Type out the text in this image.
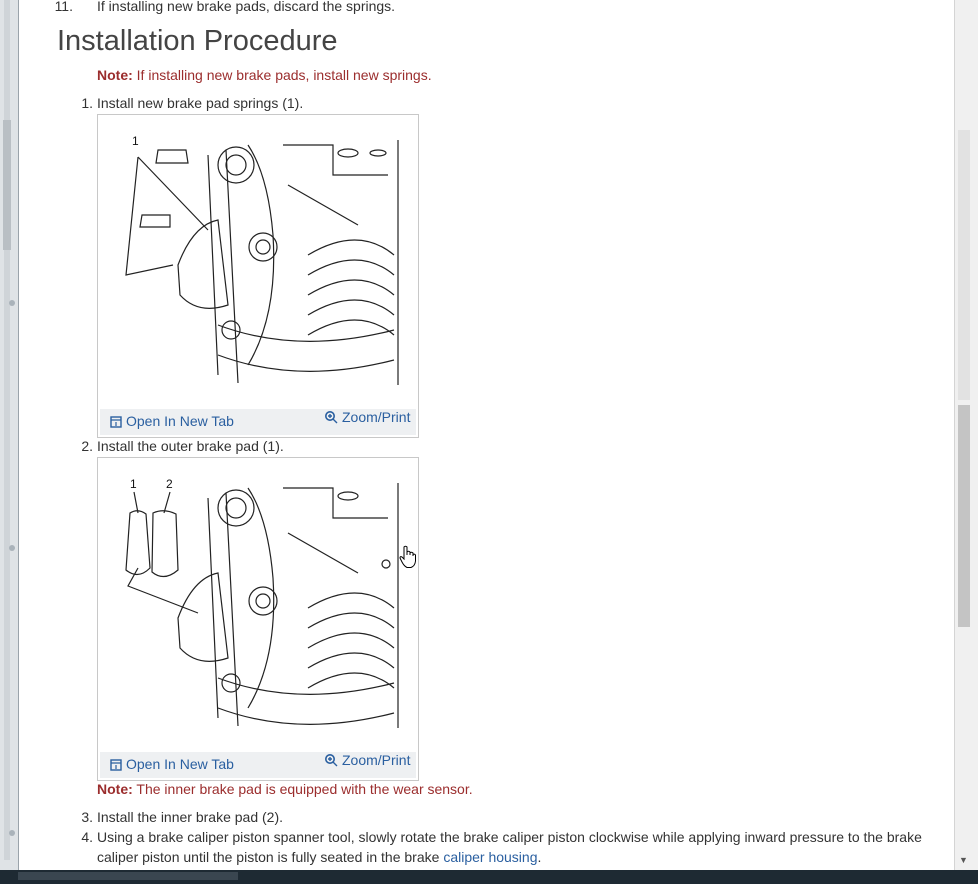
11. If installing new brake pads, discard the springs.
Installation Procedure
Note: If installing new brake pads, install new springs.
1. Install new brake pad springs (1).
1
Open In New Tab	Zoom/Print
2. Install the outer brake pad (1).
1 2
Open In New Tab	Zoom/Print
Note: The inner brake pad is equipped with the wear sensor.
3. Install the inner brake pad (2).
4. Using a brake caliper piston spanner tool, slowly rotate the brake caliper piston clockwise while applying inward pressure to the brake
caliper piston until the piston is fully seated in the brake caliper housing.	▼
